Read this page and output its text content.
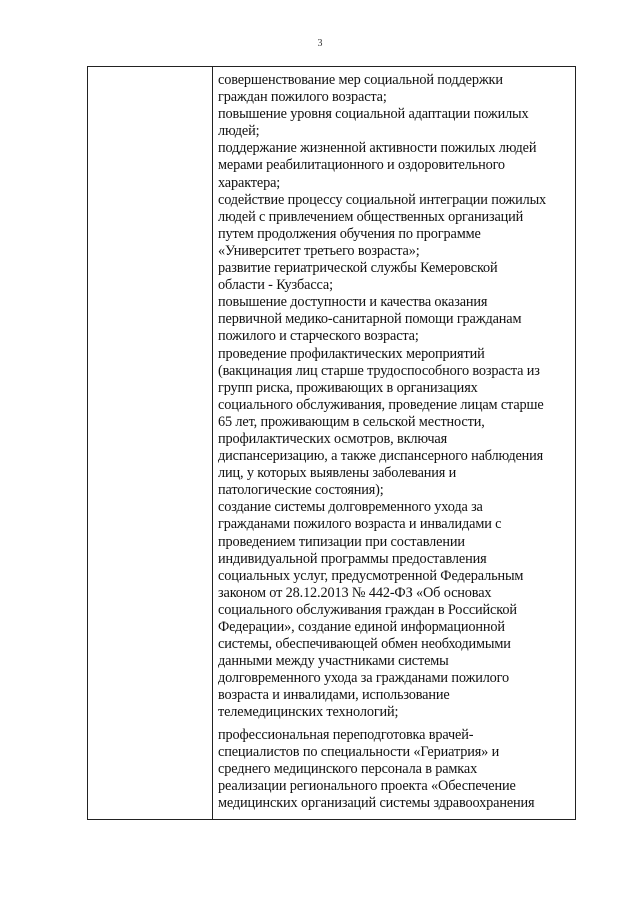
3
совершенствование мер социальной поддержки
граждан пожилого возраста;
повышение уровня социальной адаптации пожилых
людей;
поддержание жизненной активности пожилых людей
мерами реабилитационного и оздоровительного
характера;
содействие процессу социальной интеграции пожилых
людей с привлечением общественных организаций
путем продолжения обучения по программе
«Университет третьего возраста»;
развитие гериатрической службы Кемеровской
области - Кузбасса;
повышение доступности и качества оказания
первичной медико-санитарной помощи гражданам
пожилого и старческого возраста;
проведение профилактических мероприятий
(вакцинация лиц старше трудоспособного возраста из
групп риска, проживающих в организациях
социального обслуживания, проведение лицам старше
65 лет, проживающим в сельской местности,
профилактических осмотров, включая
диспансеризацию, а также диспансерного наблюдения
лиц, у которых выявлены заболевания и
патологические состояния);
создание системы долговременного ухода за
гражданами пожилого возраста и инвалидами с
проведением типизации при составлении
индивидуальной программы предоставления
социальных услуг, предусмотренной Федеральным
законом от 28.12.2013 № 442-ФЗ «Об основах
социального обслуживания граждан в Российской
Федерации», создание единой информационной
системы, обеспечивающей обмен необходимыми
данными между участниками системы
долговременного ухода за гражданами пожилого
возраста и инвалидами, использование
телемедицинских технологий;
профессиональная переподготовка врачей-
специалистов по специальности «Гериатрия» и
среднего медицинского персонала в рамках
реализации регионального проекта «Обеспечение
медицинских организаций системы здравоохранения
